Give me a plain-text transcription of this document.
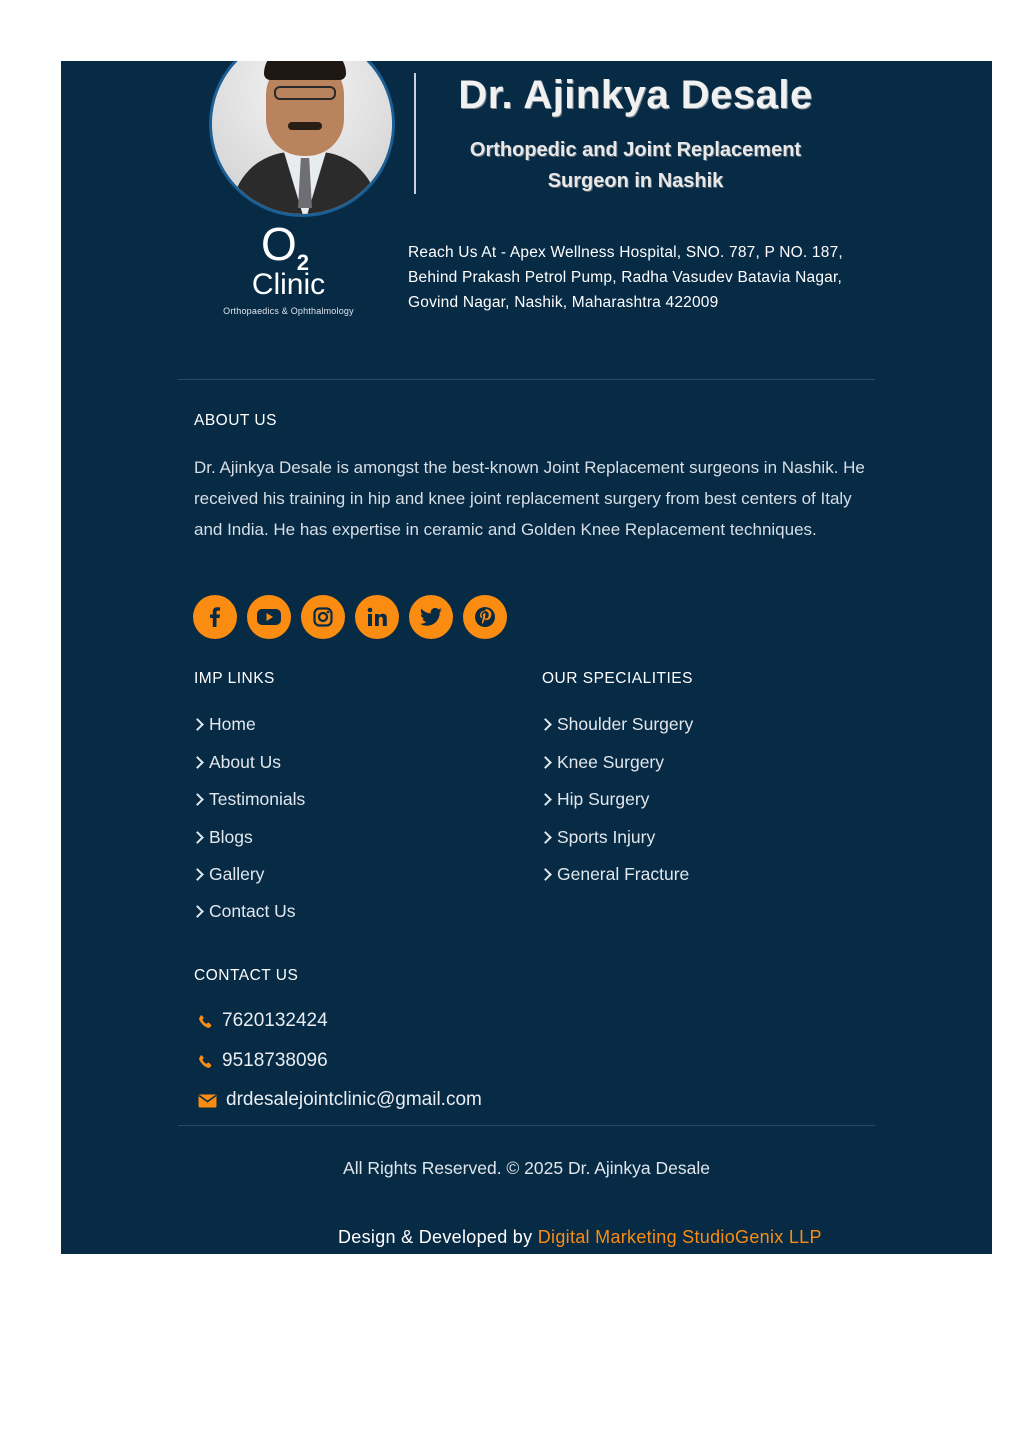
Dr. Ajinkya Desale
Orthopedic and Joint Replacement
Surgeon in Nashik
$O_2$
Clinic
Orthopaedics & Ophthalmology
Reach Us At - Apex Wellness Hospital, SNO. 787, P NO. 187, Behind Prakash Petrol Pump, Radha Vasudev Batavia Nagar, Govind Nagar, Nashik, Maharashtra 422009
ABOUT US
Dr. Ajinkya Desale is amongst the best-known Joint Replacement surgeons in Nashik. He received his training in hip and knee joint replacement surgery from best centers of Italy and India. He has expertise in ceramic and Golden Knee Replacement techniques.
IMP LINKS
Home
About Us
Testimonials
Blogs
Gallery
Contact Us
OUR SPECIALITIES
Shoulder Surgery
Knee Surgery
Hip Surgery
Sports Injury
General Fracture
CONTACT US
7620132424
9518738096
drdesalejointclinic@gmail.com
All Rights Reserved. © 2025 Dr. Ajinkya Desale
Design & Developed by Digital Marketing StudioGenix LLP
